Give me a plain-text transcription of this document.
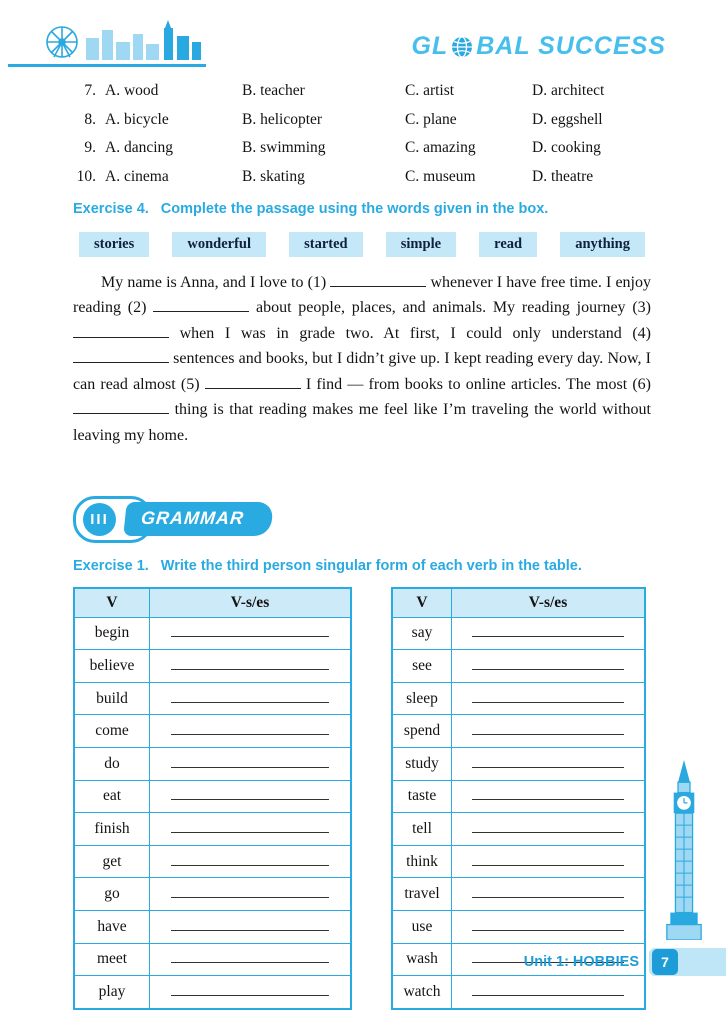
GL BAL SUCCESS
7. A. wood	B. teacher	C. artist	D. architect
8. A. bicycle	B. helicopter	C. plane	D. eggshell
9. A. dancing	B. swimming	C. amazing	D. cooking
10. A. cinema	B. skating	C. museum	D. theatre
Exercise 4. Complete the passage using the words given in the box.
stories	wonderful	started	simple	read	anything

My name is Anna, and I love to (1)	whenever I have free time. I enjoy reading (2)	about people, places, and animals. My reading journey (3)  when I was in grade two. At first, I could only understand (4)  sentences and books, but I didn’t give up. I kept reading every day. Now, I can read almost (5)	I find — from books to online articles. The most (6)  thing is that reading makes me feel like I’m traveling the world without leaving my home.

III	GRAMMAR
Exercise 1. Write the third person singular form of each verb in the table.
V	V-s/es
begin	
believe	
build	
come	
do	
eat	
finish	
get	
go	
have	
meet	
play	
V	V-s/es
say	
see	
sleep	
spend	
study	
taste	
tell	
think	
travel	
use	
wash	
watch	
Unit 1: HOBBIES	7
